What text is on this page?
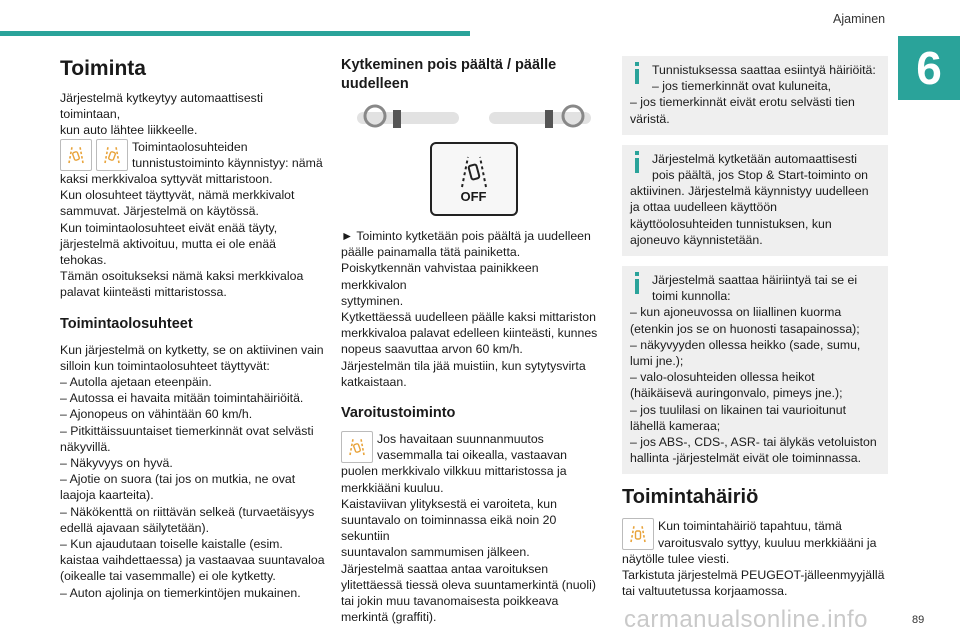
Ajaminen
6
Toiminta

Järjestelmä kytkeytyy automaattisesti toimintaan,
kun auto lähtee liikkeelle.

Toimintaolosuhteiden
tunnistustoiminto käynnistyy: nämä

kaksi merkkivaloa syttyvät mittaristoon.
Kun olosuhteet täyttyvät, nämä merkkivalot
sammuvat. Järjestelmä on käytössä.
Kun toimintaolosuhteet eivät enää täyty,
järjestelmä aktivoituu, mutta ei ole enää tehokas.
Tämän osoitukseksi nämä kaksi merkkivaloa
palavat kiinteästi mittaristossa.

Toimintaolosuhteet

Kun järjestelmä on kytketty, se on aktiivinen vain
silloin kun toimintaolosuhteet täyttyvät:
– Autolla ajetaan eteenpäin.
– Autossa ei havaita mitään toimintahäiriöitä.
– Ajonopeus on vähintään 60 km/h.
– Pitkittäissuuntaiset tiemerkinnät ovat selvästi
näkyvillä.
– Näkyvyys on hyvä.
– Ajotie on suora (tai jos on mutkia, ne ovat
laajoja kaarteita).
– Näkökenttä on riittävän selkeä (turvaetäisyys
edellä ajavaan säilytetään).
– Kun ajaudutaan toiselle kaistalle (esim.
kaistaa vaihdettaessa) ja vastaavaa suuntavaloa
(oikealle tai vasemmalle) ei ole kytketty.
– Auton ajolinja on tiemerkintöjen mukainen.

Kytkeminen pois päältä / päälle
uudelleen
OFF

► Toiminto kytketään pois päältä ja uudelleen
päälle painamalla tätä painiketta.
Poiskytkennän vahvistaa painikkeen merkkivalon
syttyminen.
Kytkettäessä uudelleen päälle kaksi mittariston
merkkivaloa palavat edelleen kiinteästi, kunnes
nopeus saavuttaa arvon 60 km/h.
Järjestelmän tila jää muistiin, kun sytytysvirta
katkaistaan.

Varoitustoiminto

Jos havaitaan suunnanmuutos
vasemmalla tai oikealla, vastaavan

puolen merkkivalo vilkkuu mittaristossa ja
merkkiääni kuuluu.
Kaistaviivan ylityksestä ei varoiteta, kun
suuntavalo on toiminnassa eikä noin 20 sekuntiin
suuntavalon sammumisen jälkeen.
Järjestelmä saattaa antaa varoituksen
ylitettäessä tiessä oleva suuntamerkintä (nuoli)
tai jokin muu tavanomaisesta poikkeava
merkintä (graffiti).

Tunnistuksessa saattaa esiintyä häiriöitä:
– jos tiemerkinnät ovat kuluneita,
– jos tiemerkinnät eivät erotu selvästi tien
väristä.

Järjestelmä kytketään automaattisesti
pois päältä, jos Stop & Start-toiminto on
aktiivinen. Järjestelmä käynnistyy uudelleen
ja ottaa uudelleen käyttöön
käyttöolosuhteiden tunnistuksen, kun
ajoneuvo käynnistetään.

Järjestelmä saattaa häiriintyä tai se ei
toimi kunnolla:
– kun ajoneuvossa on liiallinen kuorma
(etenkin jos se on huonosti tasapainossa);
– näkyvyyden ollessa heikko (sade, sumu,
lumi jne.);
– valo-olosuhteiden ollessa heikot
(häikäisevä auringonvalo, pimeys jne.);
– jos tuulilasi on likainen tai vaurioitunut
lähellä kameraa;
– jos ABS-, CDS-, ASR- tai älykäs vetoluiston
hallinta -järjestelmät eivät ole toiminnassa.

Toimintahäiriö

Kun toimintahäiriö tapahtuu, tämä
varoitusvalo syttyy, kuuluu merkkiääni ja

näytölle tulee viesti.
Tarkistuta järjestelmä PEUGEOT-jälleenmyyjällä
tai valtuutetussa korjaamossa.

carmanualsonline.info	89
